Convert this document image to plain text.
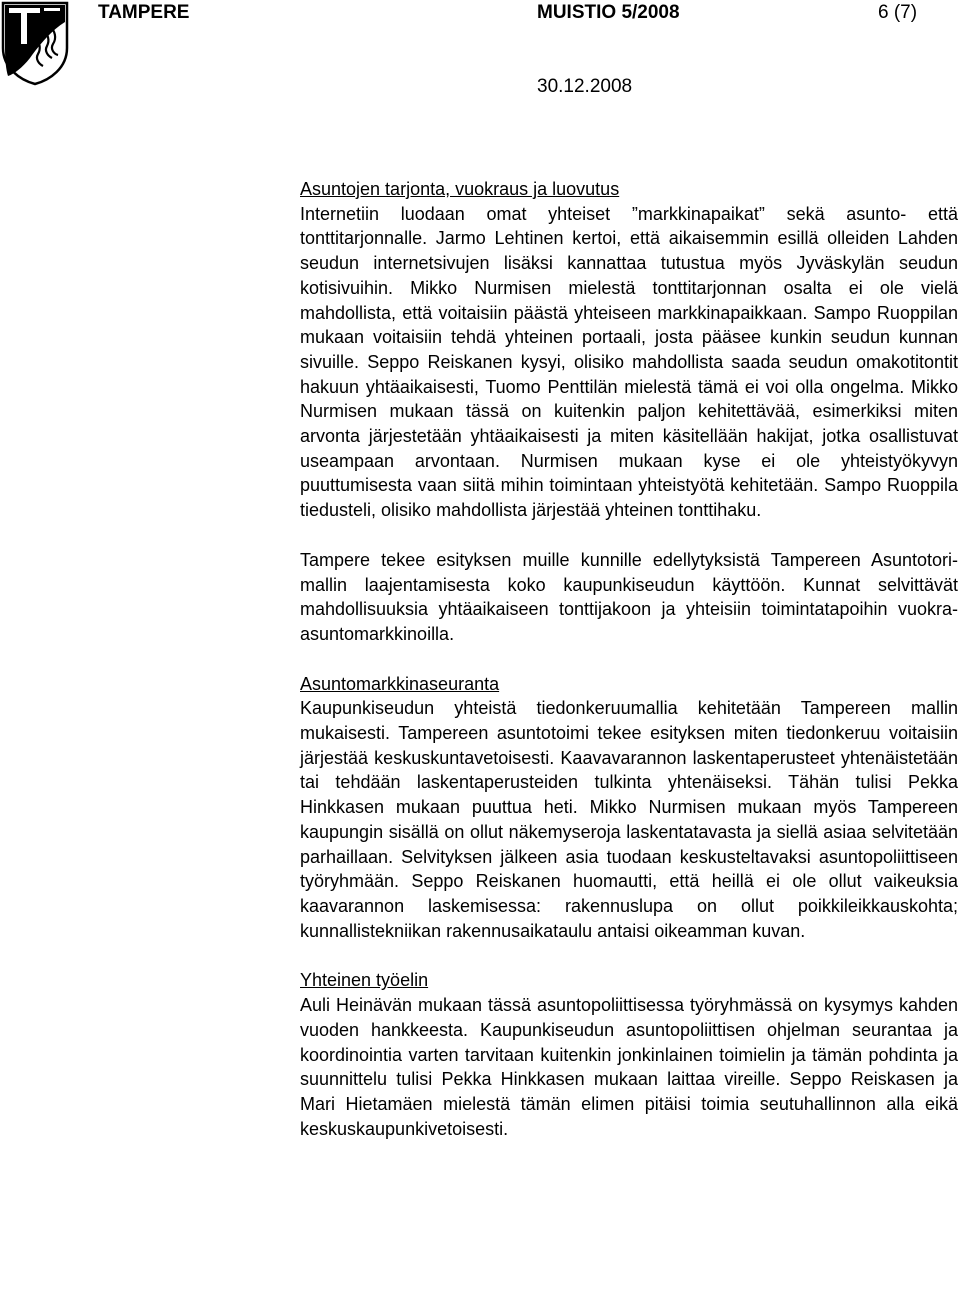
TAMPERE	MUISTIO 5/2008	6 (7)
30.12.2008
Asuntojen tarjonta, vuokraus ja luovutus

Internetiin luodaan omat yhteiset ”markkinapaikat” sekä asunto- että tonttitarjonnalle. Jarmo Lehtinen kertoi, että aikaisemmin esillä olleiden Lahden seudun internetsivujen lisäksi kannattaa tutustua myös Jyväskylän seudun kotisivuihin. Mikko Nurmisen mielestä tonttitarjonnan osalta ei ole vielä mahdollista, että voitaisiin päästä yhteiseen markkinapaikkaan. Sampo Ruoppilan mukaan voitaisiin tehdä yhteinen portaali, josta pääsee kunkin seudun kunnan sivuille. Seppo Reiskanen kysyi, olisiko mahdollista saada seudun omakotitontit hakuun yhtäaikaisesti, Tuomo Penttilän mielestä tämä ei voi olla ongelma. Mikko Nurmisen mukaan tässä on kuitenkin paljon kehitettävää, esimerkiksi miten arvonta järjestetään yhtäaikaisesti ja miten käsitellään hakijat, jotka osallistuvat useampaan arvontaan. Nurmisen mukaan kyse ei ole yhteistyökyvyn puuttumisesta vaan siitä mihin toimintaan yhteistyötä kehitetään. Sampo Ruoppila tiedusteli, olisiko mahdollista järjestää yhteinen tonttihaku.

Tampere tekee esityksen muille kunnille edellytyksistä Tampereen Asuntotori-mallin laajentamisesta koko kaupunkiseudun käyttöön. Kunnat selvittävät mahdollisuuksia yhtäaikaiseen tonttijakoon ja yhteisiin toimintatapoihin vuokra-asuntomarkkinoilla.

Asuntomarkkinaseuranta

Kaupunkiseudun yhteistä tiedonkeruumallia kehitetään Tampereen mallin mukaisesti. Tampereen asuntotoimi tekee esityksen miten tiedonkeruu voitaisiin järjestää keskuskuntavetoisesti. Kaavavarannon laskentaperusteet yhtenäistetään tai tehdään laskentaperusteiden tulkinta yhtenäiseksi. Tähän tulisi Pekka Hinkkasen mukaan puuttua heti. Mikko Nurmisen mukaan myös Tampereen kaupungin sisällä on ollut näkemyseroja laskentatavasta ja siellä asiaa selvitetään parhaillaan. Selvityksen jälkeen asia tuodaan keskusteltavaksi asuntopoliittiseen työryhmään. Seppo Reiskanen huomautti, että heillä ei ole ollut vaikeuksia kaavarannon laskemisessa: rakennuslupa on ollut poikkileikkauskohta; kunnallistekniikan rakennusaikataulu antaisi oikeamman kuvan.

Yhteinen työelin

Auli Heinävän mukaan tässä asuntopoliittisessa työryhmässä on kysymys kahden vuoden hankkeesta. Kaupunkiseudun asuntopoliittisen ohjelman seurantaa ja koordinointia varten tarvitaan kuitenkin jonkinlainen toimielin ja tämän pohdinta ja suunnittelu tulisi Pekka Hinkkasen mukaan laittaa vireille. Seppo Reiskasen ja Mari Hietamäen mielestä tämän elimen pitäisi toimia seutuhallinnon alla eikä keskuskaupunkivetoisesti.
